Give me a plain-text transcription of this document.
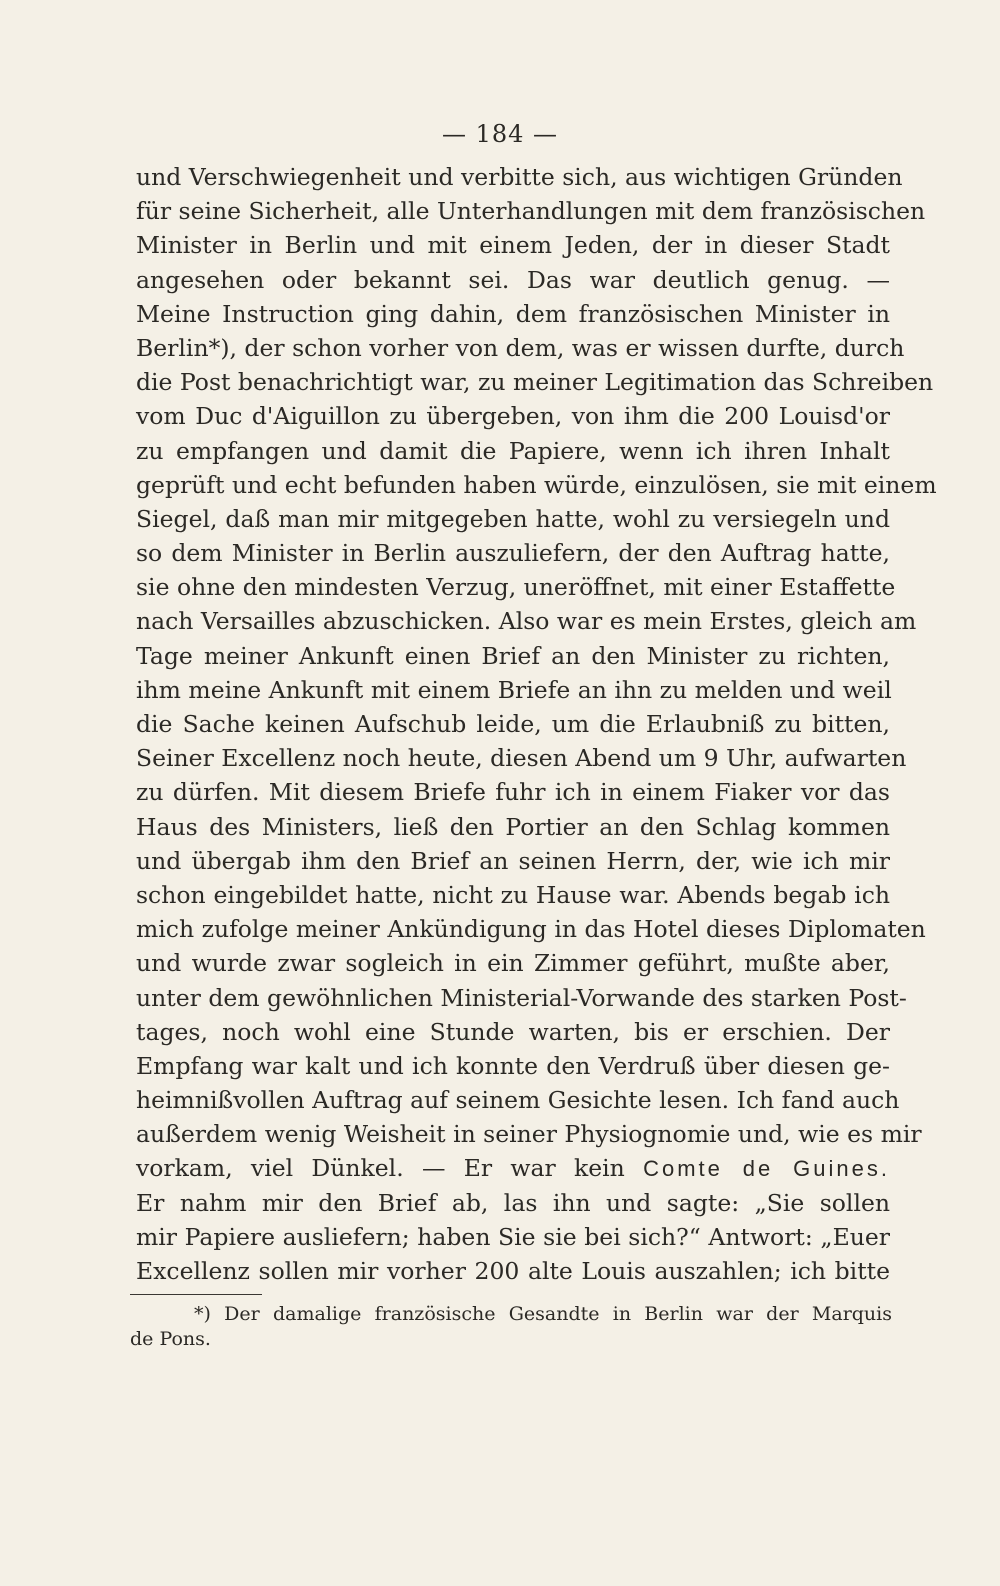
— 184 —
und Verschwiegenheit und verbitte sich, aus wichtigen Gründen
für seine Sicherheit, alle Unterhandlungen mit dem französischen
Minister in Berlin und mit einem Jeden, der in dieser Stadt
angesehen oder bekannt sei. Das war deutlich genug. —
Meine Instruction ging dahin, dem französischen Minister in
Berlin*), der schon vorher von dem, was er wissen durfte, durch
die Post benachrichtigt war, zu meiner Legitimation das Schreiben
vom Duc d'Aiguillon zu übergeben, von ihm die 200 Louisd'or
zu empfangen und damit die Papiere, wenn ich ihren Inhalt
geprüft und echt befunden haben würde, einzulösen, sie mit einem
Siegel, daß man mir mitgegeben hatte, wohl zu versiegeln und
so dem Minister in Berlin auszuliefern, der den Auftrag hatte,
sie ohne den mindesten Verzug, uneröffnet, mit einer Estaffette
nach Versailles abzuschicken. Also war es mein Erstes, gleich am
Tage meiner Ankunft einen Brief an den Minister zu richten,
ihm meine Ankunft mit einem Briefe an ihn zu melden und weil
die Sache keinen Aufschub leide, um die Erlaubniß zu bitten,
Seiner Excellenz noch heute, diesen Abend um 9 Uhr, aufwarten
zu dürfen. Mit diesem Briefe fuhr ich in einem Fiaker vor das
Haus des Ministers, ließ den Portier an den Schlag kommen
und übergab ihm den Brief an seinen Herrn, der, wie ich mir
schon eingebildet hatte, nicht zu Hause war. Abends begab ich
mich zufolge meiner Ankündigung in das Hotel dieses Diplomaten
und wurde zwar sogleich in ein Zimmer geführt, mußte aber,
unter dem gewöhnlichen Ministerial-Vorwande des starken Post-
tages, noch wohl eine Stunde warten, bis er erschien. Der
Empfang war kalt und ich konnte den Verdruß über diesen ge-
heimnißvollen Auftrag auf seinem Gesichte lesen. Ich fand auch
außerdem wenig Weisheit in seiner Physiognomie und, wie es mir
vorkam, viel Dünkel. — Er war kein Comte de Guines.
Er nahm mir den Brief ab, las ihn und sagte: „Sie sollen
mir Papiere ausliefern; haben Sie sie bei sich?“ Antwort: „Euer
Excellenz sollen mir vorher 200 alte Louis auszahlen; ich bitte
*) Der damalige französische Gesandte in Berlin war der Marquis
de Pons.
